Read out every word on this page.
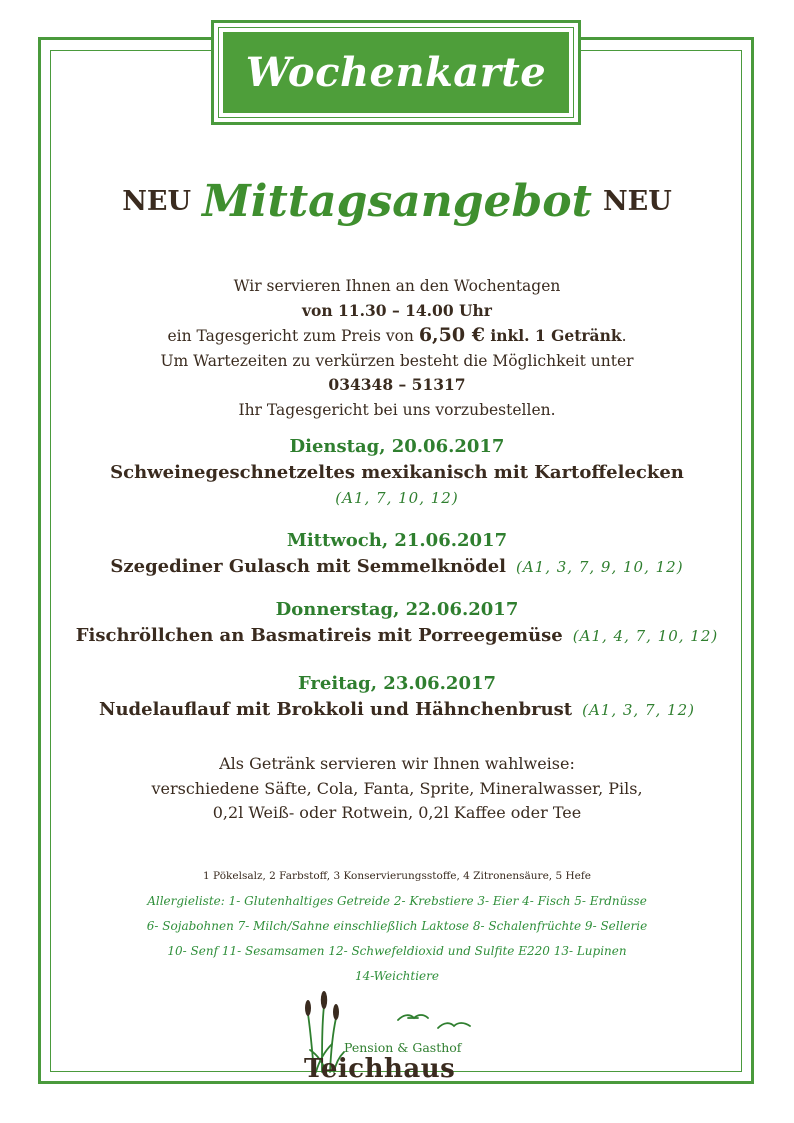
Wochenkarte
NEU Mittagsangebot NEU
Wir servieren Ihnen an den Wochentagen
von 11.30 – 14.00 Uhr
ein Tagesgericht zum Preis von 6,50 € inkl. 1 Getränk.
Um Wartezeiten zu verkürzen besteht die Möglichkeit unter
034348 – 51317
Ihr Tagesgericht bei uns vorzubestellen.
Dienstag, 20.06.2017
Schweinegeschnetzeltes mexikanisch mit Kartoffelecken
(A1, 7, 10, 12)
Mittwoch, 21.06.2017
Szegediner Gulasch mit Semmelknödel (A1, 3, 7, 9, 10, 12)
Donnerstag, 22.06.2017
Fischröllchen an Basmatireis mit Porreegemüse (A1, 4, 7, 10, 12)
Freitag, 23.06.2017
Nudelauflauf mit Brokkoli und Hähnchenbrust (A1, 3, 7, 12)
Als Getränk servieren wir Ihnen wahlweise:
verschiedene Säfte, Cola, Fanta, Sprite, Mineralwasser, Pils,
0,2l Weiß- oder Rotwein, 0,2l Kaffee oder Tee
1 Pökelsalz, 2 Farbstoff, 3 Konservierungsstoffe, 4 Zitronensäure, 5 Hefe
Allergieliste: 1- Glutenhaltiges Getreide 2- Krebstiere 3- Eier 4- Fisch 5- Erdnüsse
6- Sojabohnen 7- Milch/Sahne einschließlich Laktose 8- Schalenfrüchte 9- Sellerie
10- Senf 11- Sesamsamen 12- Schwefeldioxid und Sulfite E220 13- Lupinen
14-Weichtiere
Pension & Gasthof
Teichhaus
